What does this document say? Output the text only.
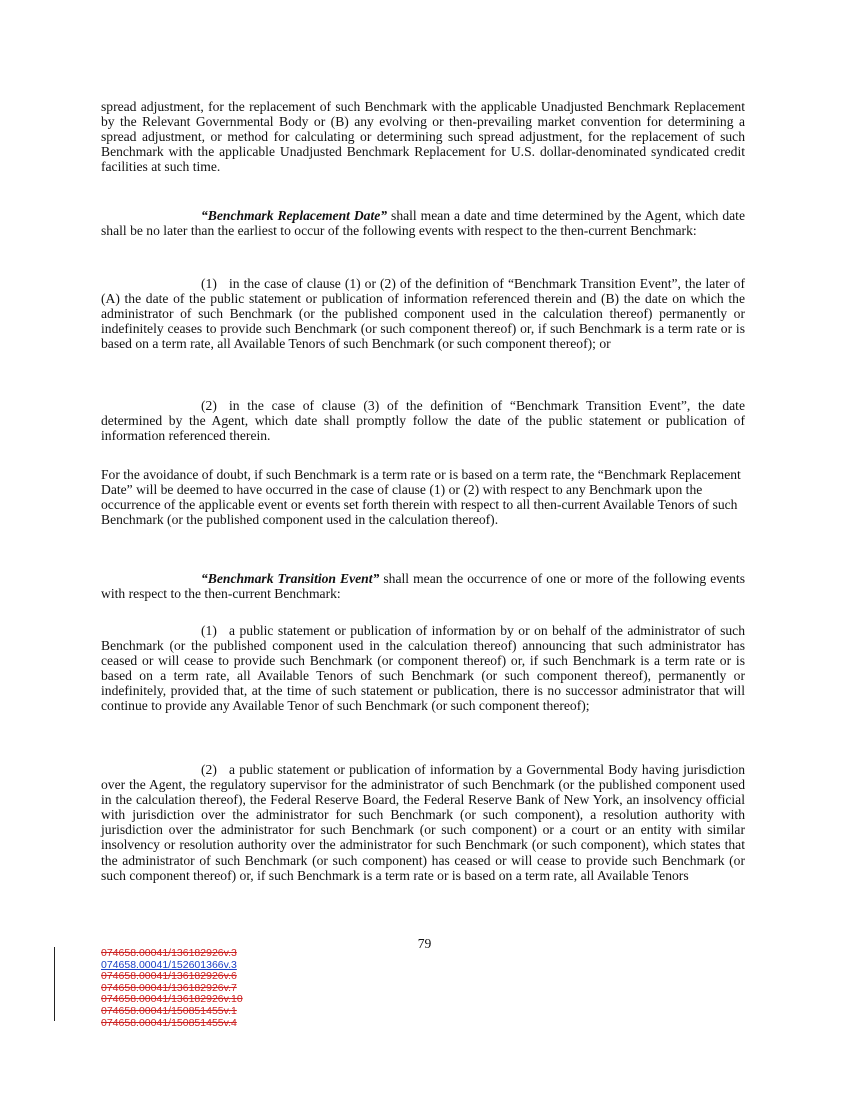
spread adjustment, for the replacement of such Benchmark with the applicable Unadjusted Benchmark Replacement by the Relevant Governmental Body or (B) any evolving or then-prevailing market convention for determining a spread adjustment, or method for calculating or determining such spread adjustment, for the replacement of such Benchmark with the applicable Unadjusted Benchmark Replacement for U.S. dollar-denominated syndicated credit facilities at such time.

“Benchmark Replacement Date” shall mean a date and time determined by the Agent, which date shall be no later than the earliest to occur of the following events with respect to the then-current Benchmark:

(1) in the case of clause (1) or (2) of the definition of “Benchmark Transition Event”, the later of (A) the date of the public statement or publication of information referenced therein and (B) the date on which the administrator of such Benchmark (or the published component used in the calculation thereof) permanently or indefinitely ceases to provide such Benchmark (or such component thereof) or, if such Benchmark is a term rate or is based on a term rate, all Available Tenors of such Benchmark (or such component thereof); or

(2) in the case of clause (3) of the definition of “Benchmark Transition Event”, the date determined by the Agent, which date shall promptly follow the date of the public statement or publication of information referenced therein.

For the avoidance of doubt, if such Benchmark is a term rate or is based on a term rate, the “Benchmark Replacement Date” will be deemed to have occurred in the case of clause (1) or (2) with respect to any Benchmark upon the occurrence of the applicable event or events set forth therein with respect to all then-current Available Tenors of such Benchmark (or the published component used in the calculation thereof).

“Benchmark Transition Event” shall mean the occurrence of one or more of the following events with respect to the then-current Benchmark:

(1) a public statement or publication of information by or on behalf of the administrator of such Benchmark (or the published component used in the calculation thereof) announcing that such administrator has ceased or will cease to provide such Benchmark (or component thereof) or, if such Benchmark is a term rate or is based on a term rate, all Available Tenors of such Benchmark (or such component thereof), permanently or indefinitely, provided that, at the time of such statement or publication, there is no successor administrator that will continue to provide any Available Tenor of such Benchmark (or such component thereof);

(2) a public statement or publication of information by a Governmental Body having jurisdiction over the Agent, the regulatory supervisor for the administrator of such Benchmark (or the published component used in the calculation thereof), the Federal Reserve Board, the Federal Reserve Bank of New York, an insolvency official with jurisdiction over the administrator for such Benchmark (or such component), a resolution authority with jurisdiction over the administrator for such Benchmark (or such component) or a court or an entity with similar insolvency or resolution authority over the administrator for such Benchmark (or such component), which states that the administrator of such Benchmark (or such component) has ceased or will cease to provide such Benchmark (or such component thereof) or, if such Benchmark is a term rate or is based on a term rate, all Available Tenors

79
074658.00041/136182926v.3
074658.00041/152601366v.3
074658.00041/136182926v.6
074658.00041/136182926v.7
074658.00041/136182926v.10
074658.00041/150851455v.1
074658.00041/150851455v.4
